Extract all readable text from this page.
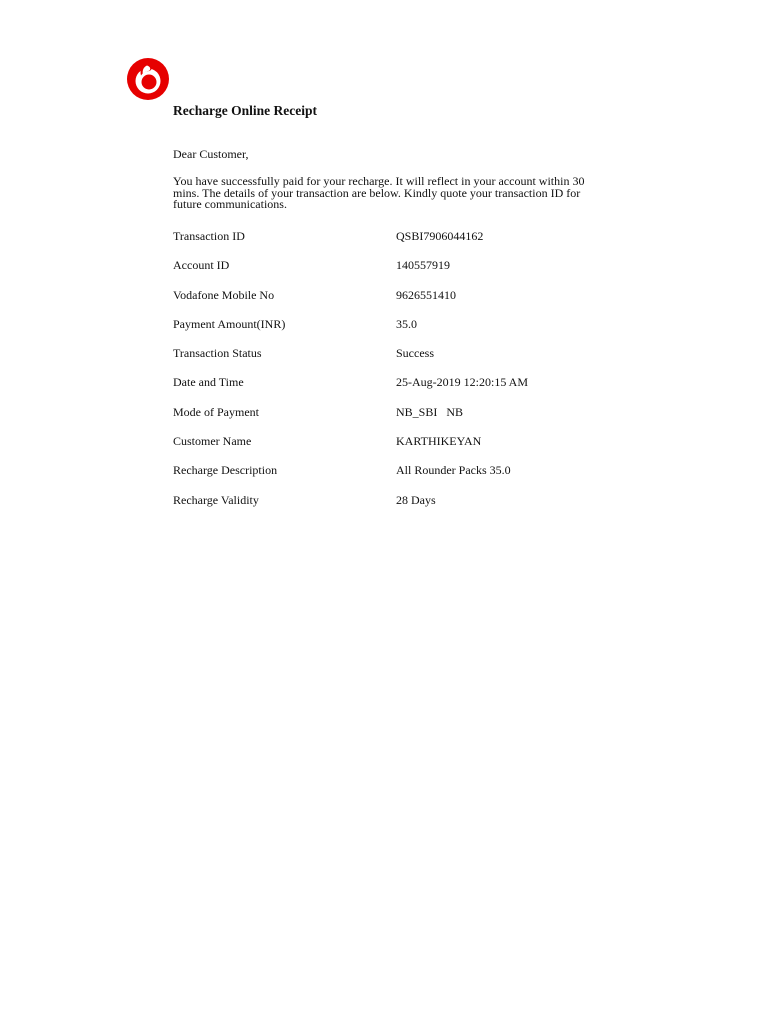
Recharge Online Receipt

Dear Customer,

You have successfully paid for your recharge. It will reflect in your account within 30
mins. The details of your transaction are below. Kindly quote your transaction ID for
future communications.

Transaction ID	QSBI7906044162
Account ID	140557919
Vodafone Mobile No	9626551410
Payment Amount(INR)	35.0
Transaction Status	Success
Date and Time	25-Aug-2019 12:20:15 AM
Mode of Payment	NB_SBI   NB
Customer Name	KARTHIKEYAN
Recharge Description	All Rounder Packs 35.0
Recharge Validity	28 Days
